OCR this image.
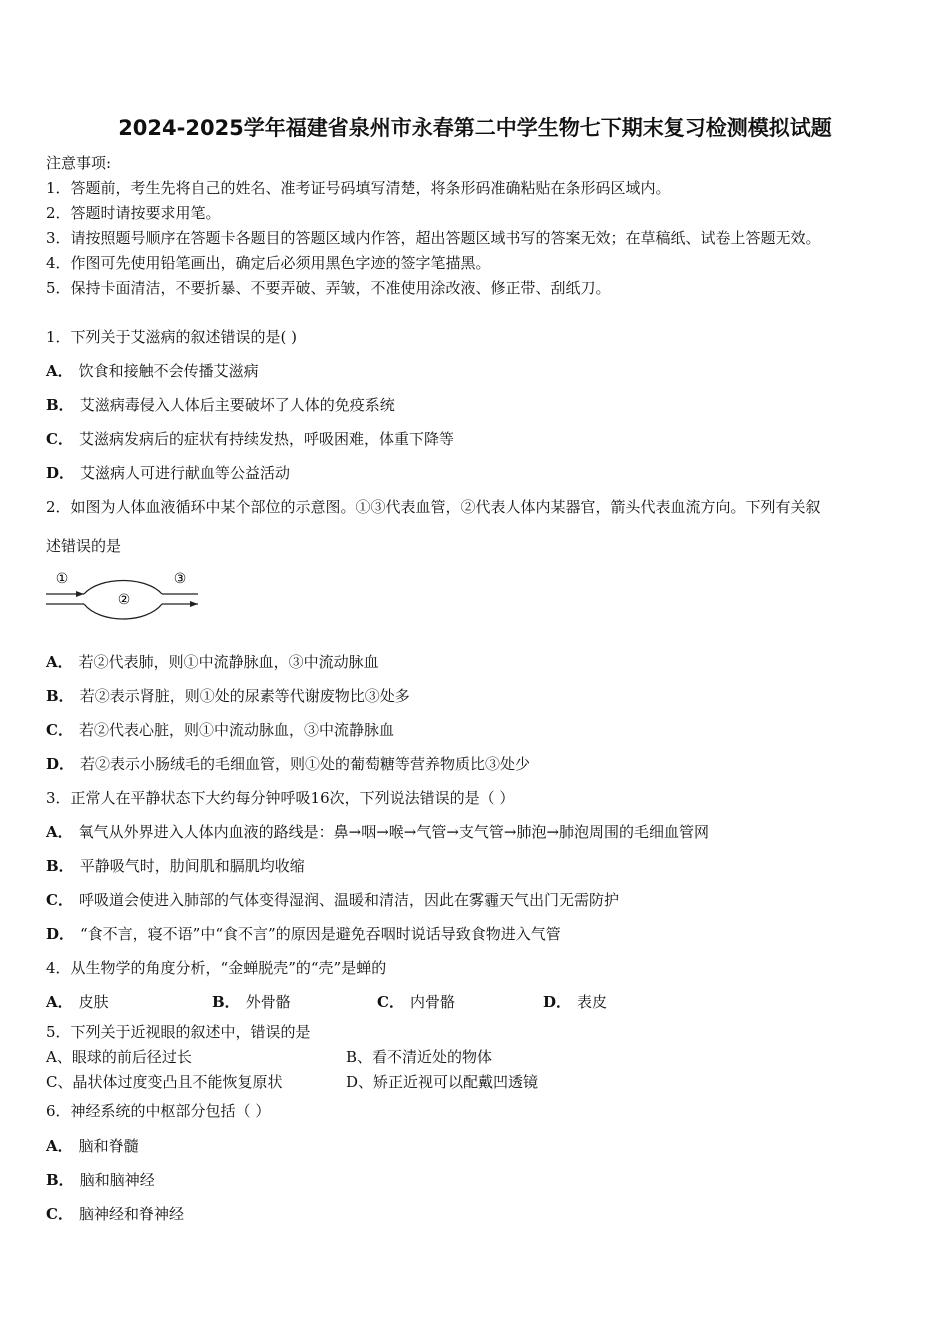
2024-2025学年福建省泉州市永春第二中学生物七下期末复习检测模拟试题
注意事项:
1．答题前，考生先将自己的姓名、准考证号码填写清楚，将条形码准确粘贴在条形码区域内。
2．答题时请按要求用笔。
3．请按照题号顺序在答题卡各题目的答题区域内作答，超出答题区域书写的答案无效；在草稿纸、试卷上答题无效。
4．作图可先使用铅笔画出，确定后必须用黑色字迹的签字笔描黑。
5．保持卡面清洁，不要折暴、不要弄破、弄皱，不准使用涂改液、修正带、刮纸刀。
1．下列关于艾滋病的叙述错误的是( )
A． 饮食和接触不会传播艾滋病
B． 艾滋病毒侵入人体后主要破坏了人体的免疫系统
C． 艾滋病发病后的症状有持续发热，呼吸困难，体重下降等
D． 艾滋病人可进行献血等公益活动
2．如图为人体血液循环中某个部位的示意图。①③代表血管，②代表人体内某器官，箭头代表血流方向。下列有关叙
述错误的是
①
②
③
A． 若②代表肺，则①中流静脉血，③中流动脉血
B． 若②表示肾脏，则①处的尿素等代谢废物比③处多
C． 若②代表心脏，则①中流动脉血，③中流静脉血
D． 若②表示小肠绒毛的毛细血管，则①处的葡萄糖等营养物质比③处少
3．正常人在平静状态下大约每分钟呼吸16次，下列说法错误的是（ ）
A． 氧气从外界进入人体内血液的路线是：鼻→咽→喉→气管→支气管→肺泡→肺泡周围的毛细血管网
B． 平静吸气时，肋间肌和膈肌均收缩
C． 呼吸道会使进入肺部的气体变得湿润、温暖和清洁，因此在雾霾天气出门无需防护
D． “食不言，寝不语”中“食不言”的原因是避免吞咽时说话导致食物进入气管
4．从生物学的角度分析，“金蝉脱壳”的“壳”是蝉的
A． 皮肤	B． 外骨骼	C． 内骨骼	D． 表皮
5．下列关于近视眼的叙述中，错误的是
A、眼球的前后径过长	B、看不清近处的物体
C、晶状体过度变凸且不能恢复原状	D、矫正近视可以配戴凹透镜
6．神经系统的中枢部分包括（ ）
A． 脑和脊髓
B． 脑和脑神经
C． 脑神经和脊神经
